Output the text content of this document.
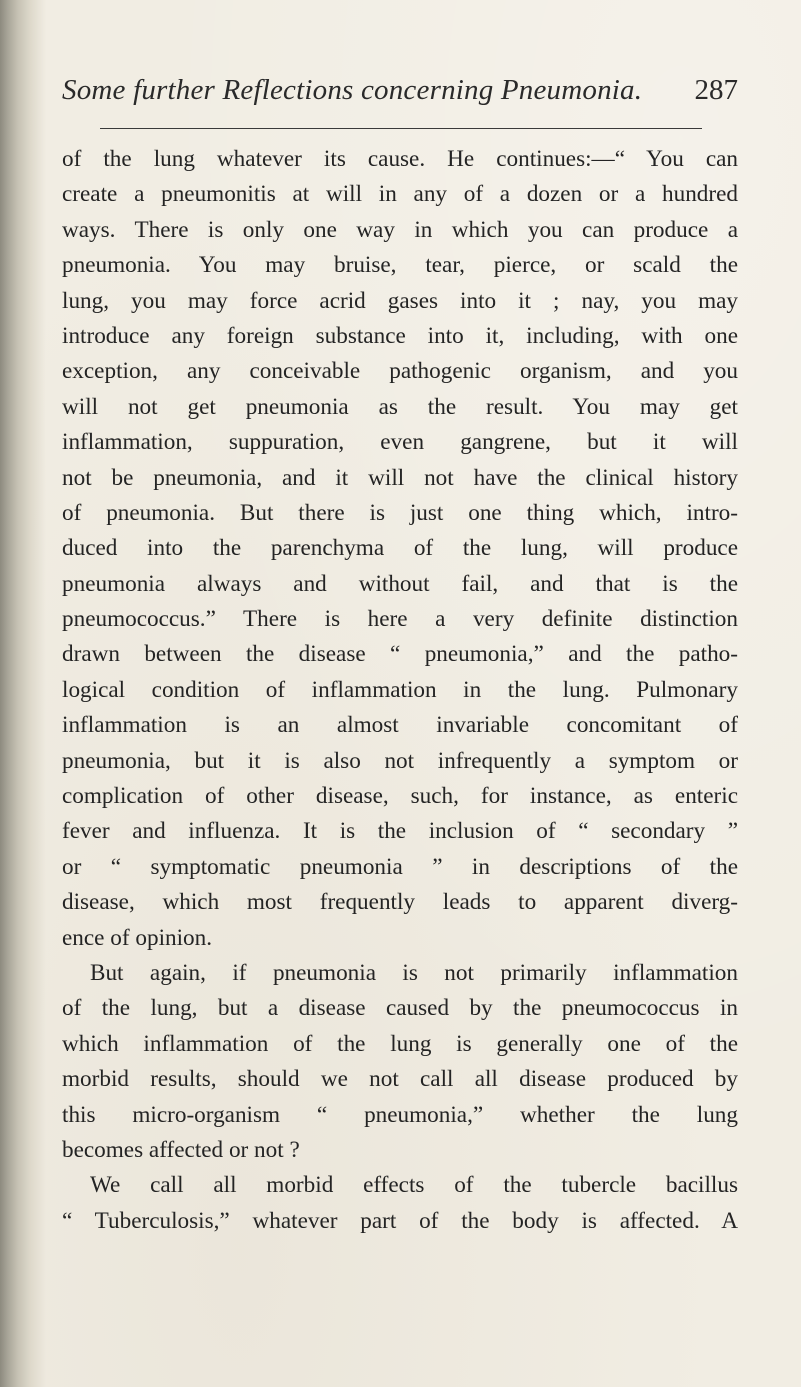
Some further Reflections concerning Pneumonia. 287
of the lung whatever its cause. He continues:—“ You can
create a pneumonitis at will in any of a dozen or a hundred
ways. There is only one way in which you can produce a
pneumonia. You may bruise, tear, pierce, or scald the
lung, you may force acrid gases into it ; nay, you may
introduce any foreign substance into it, including, with one
exception, any conceivable pathogenic organism, and you
will not get pneumonia as the result. You may get
inflammation, suppuration, even gangrene, but it will
not be pneumonia, and it will not have the clinical history
of pneumonia. But there is just one thing which, intro-
duced into the parenchyma of the lung, will produce
pneumonia always and without fail, and that is the
pneumococcus.” There is here a very definite distinction
drawn between the disease “ pneumonia,” and the patho-
logical condition of inflammation in the lung. Pulmonary
inflammation is an almost invariable concomitant of
pneumonia, but it is also not infrequently a symptom or
complication of other disease, such, for instance, as enteric
fever and influenza. It is the inclusion of “ secondary ”
or “ symptomatic pneumonia ” in descriptions of the
disease, which most frequently leads to apparent diverg-
ence of opinion.
But again, if pneumonia is not primarily inflammation
of the lung, but a disease caused by the pneumococcus in
which inflammation of the lung is generally one of the
morbid results, should we not call all disease produced by
this micro-organism “ pneumonia,” whether the lung
becomes affected or not ?
We call all morbid effects of the tubercle bacillus
“ Tuberculosis,” whatever part of the body is affected. A
